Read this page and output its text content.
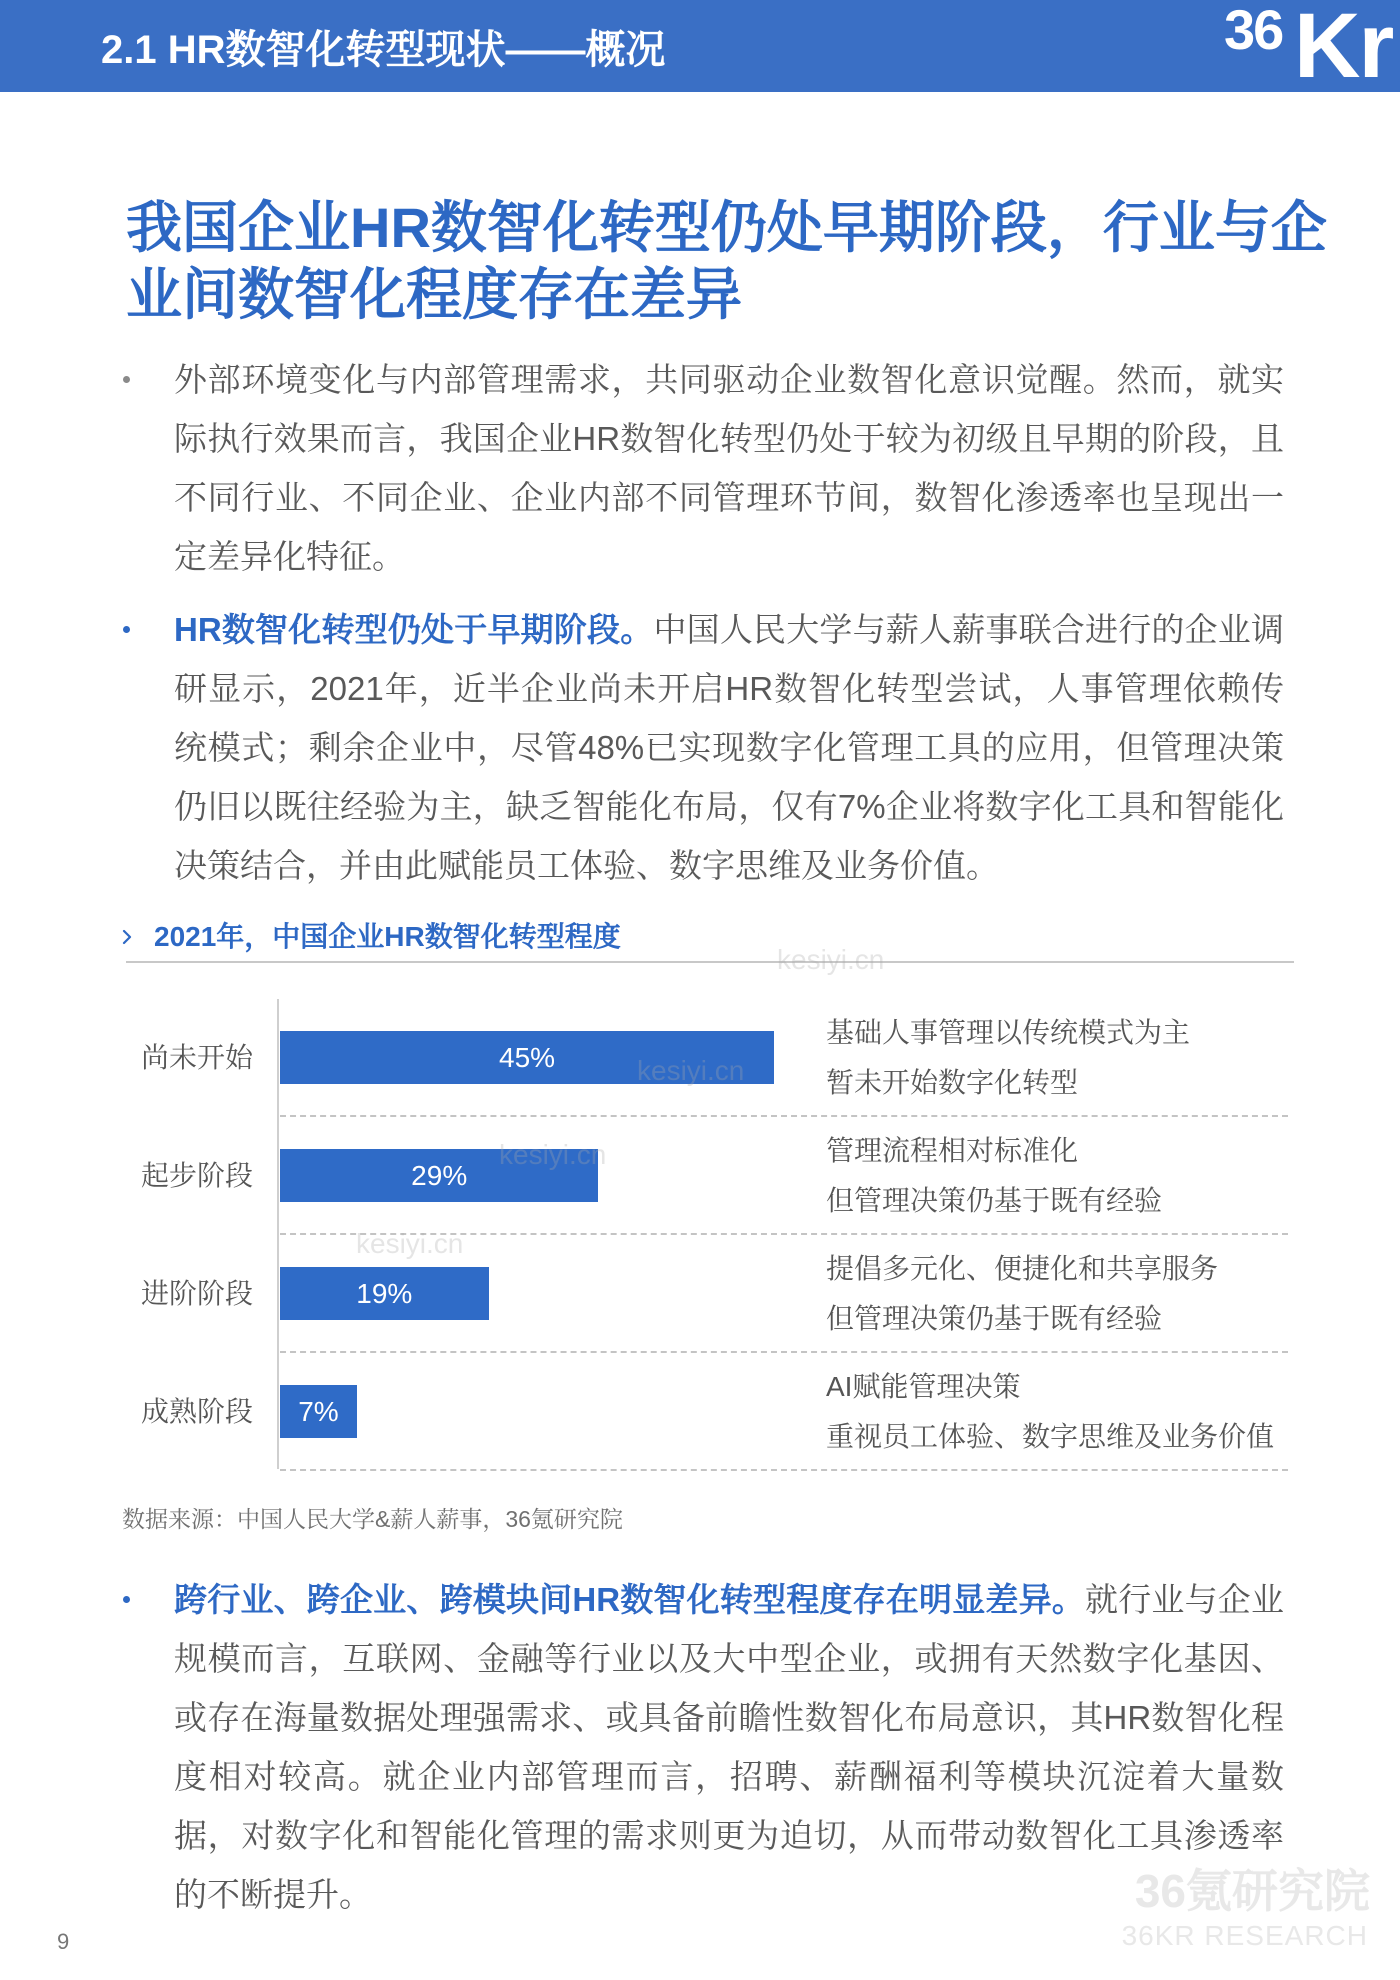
2.1 HR数智化转型现状——概况	36 Kr
我国企业HR数智化转型仍处早期阶段，行业与企业间数智化程度存在差异

外部环境变化与内部管理需求，共同驱动企业数智化意识觉醒。然而，就实际执行效果而言，我国企业HR数智化转型仍处于较为初级且早期的阶段，且不同行业、不同企业、企业内部不同管理环节间，数智化渗透率也呈现出一定差异化特征。

HR数智化转型仍处于早期阶段。中国人民大学与薪人薪事联合进行的企业调研显示，2021年，近半企业尚未开启HR数智化转型尝试，人事管理依赖传统模式；剩余企业中，尽管48%已实现数字化管理工具的应用，但管理决策仍旧以既往经验为主，缺乏智能化布局，仅有7%企业将数字化工具和智能化决策结合，并由此赋能员工体验、数字思维及业务价值。

2021年，中国企业HR数智化转型程度
尚未开始	45%
基础人事管理以传统模式为主
暂未开始数字化转型
起步阶段	29%
管理流程相对标准化
但管理决策仍基于既有经验
进阶阶段	19%
提倡多元化、便捷化和共享服务
但管理决策仍基于既有经验
成熟阶段 7%
AI赋能管理决策
重视员工体验、数字思维及业务价值
数据来源：中国人民大学&薪人薪事，36氪研究院

跨行业、跨企业、跨模块间HR数智化转型程度存在明显差异。就行业与企业规模而言，互联网、金融等行业以及大中型企业，或拥有天然数字化基因、或存在海量数据处理强需求、或具备前瞻性数智化布局意识，其HR数智化程度相对较高。就企业内部管理而言，招聘、薪酬福利等模块沉淀着大量数据，对数字化和智能化管理的需求则更为迫切，从而带动数智化工具渗透率的不断提升。

9
36氪研究院
36KR RESEARCH
kesiyi.cn
kesiyi.cn
kesiyi.cn
kesiyi.cn
